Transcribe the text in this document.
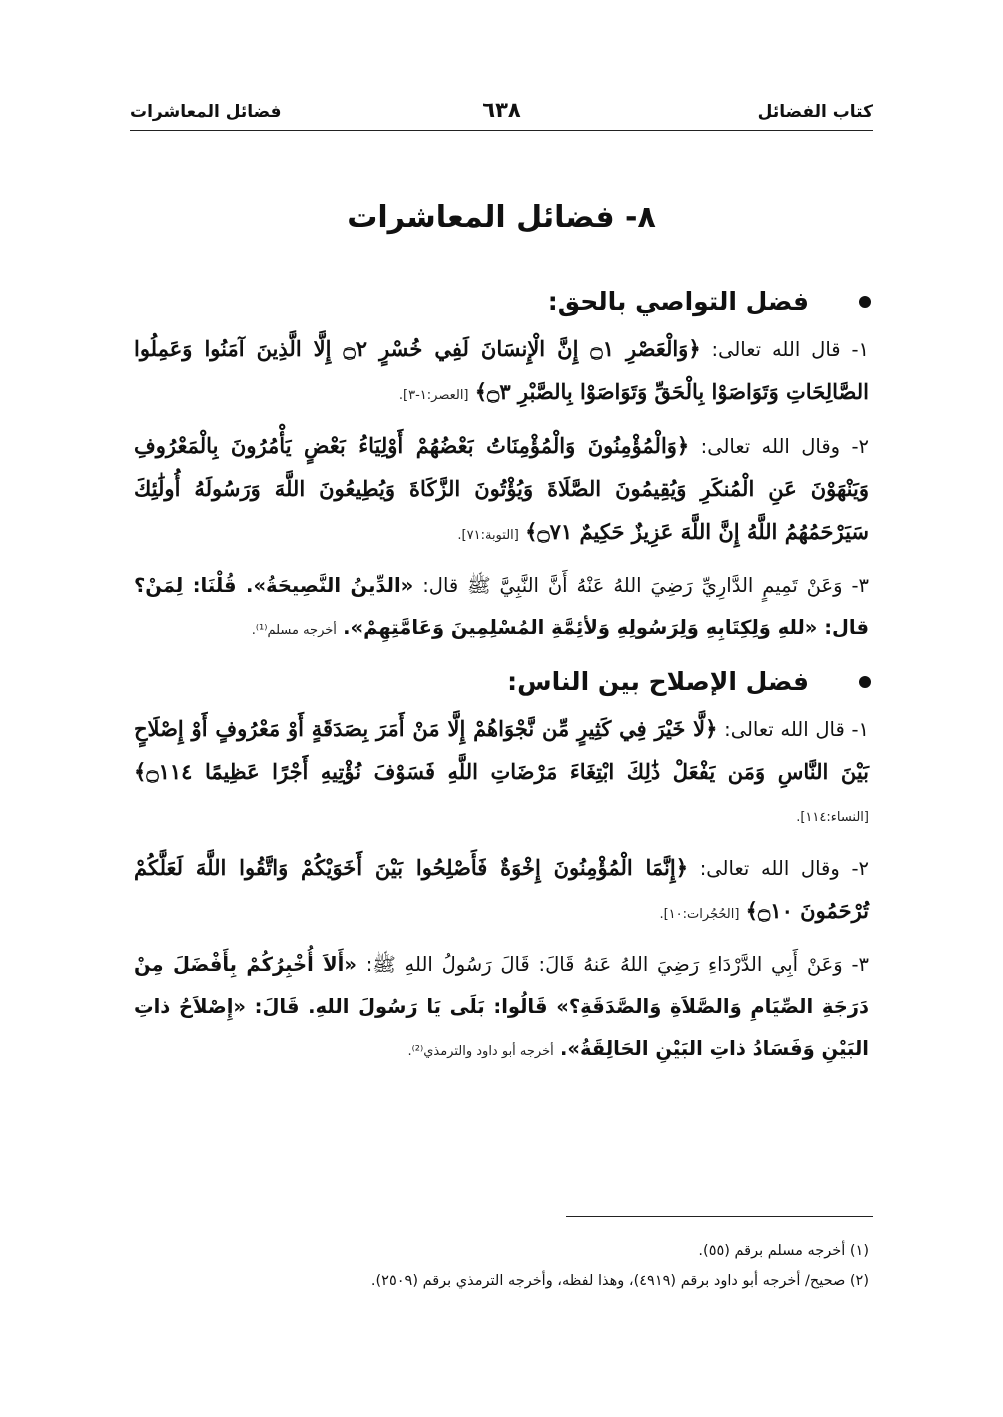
كتاب الفضائل
٦٣٨
فضائل المعاشرات
٨- فضائل المعاشرات
فضل التواصي بالحق:

١- قال الله تعالى: ﴿وَالْعَصْرِ ۝١ إِنَّ الْإِنسَانَ لَفِي خُسْرٍ ۝٢ إِلَّا الَّذِينَ آمَنُوا وَعَمِلُوا الصَّالِحَاتِ وَتَوَاصَوْا بِالْحَقِّ وَتَوَاصَوْا بِالصَّبْرِ ۝٣﴾ [العصر:١-٣].

٢- وقال الله تعالى: ﴿وَالْمُؤْمِنُونَ وَالْمُؤْمِنَاتُ بَعْضُهُمْ أَوْلِيَاءُ بَعْضٍ يَأْمُرُونَ بِالْمَعْرُوفِ وَيَنْهَوْنَ عَنِ الْمُنكَرِ وَيُقِيمُونَ الصَّلَاةَ وَيُؤْتُونَ الزَّكَاةَ وَيُطِيعُونَ اللَّهَ وَرَسُولَهُ أُولَٰئِكَ سَيَرْحَمُهُمُ اللَّهُ إِنَّ اللَّهَ عَزِيزٌ حَكِيمٌ ۝٧١﴾ [التوبة:٧١].

٣- وَعَنْ تَمِيمٍ الدَّارِيِّ رَضِيَ اللهُ عَنْهُ أَنَّ النَّبِيَّ ﷺ قال: «الدِّينُ النَّصِيحَةُ». قُلْنَا: لِمَنْ؟ قال: «للهِ وَلِكِتَابِهِ وَلِرَسُولِهِ وَلأئِمَّةِ المُسْلِمِينَ وَعَامَّتِهِمْ». أخرجه مسلم⁽¹⁾.

فضل الإصلاح بين الناس:

١- قال الله تعالى: ﴿لَّا خَيْرَ فِي كَثِيرٍ مِّن نَّجْوَاهُمْ إِلَّا مَنْ أَمَرَ بِصَدَقَةٍ أَوْ مَعْرُوفٍ أَوْ إِصْلَاحٍ بَيْنَ النَّاسِ وَمَن يَفْعَلْ ذَٰلِكَ ابْتِغَاءَ مَرْضَاتِ اللَّهِ فَسَوْفَ نُؤْتِيهِ أَجْرًا عَظِيمًا ۝١١٤﴾ [النساء:١١٤].

٢- وقال الله تعالى: ﴿إِنَّمَا الْمُؤْمِنُونَ إِخْوَةٌ فَأَصْلِحُوا بَيْنَ أَخَوَيْكُمْ وَاتَّقُوا اللَّهَ لَعَلَّكُمْ تُرْحَمُونَ ۝١٠﴾ [الحُجُرات:١٠].

٣- وَعَنْ أَبِي الدَّرْدَاءِ رَضِيَ اللهُ عَنهُ قَالَ: قَالَ رَسُولُ اللهِ ﷺ: «أَلاَ أُخْبِرُكُمْ بِأَفْضَلَ مِنْ دَرَجَةِ الصِّيَامِ وَالصَّلاَةِ وَالصَّدَقَةِ؟» قَالُوا: بَلَى يَا رَسُولَ اللهِ. قَالَ: «إِصْلاَحُ ذاتِ البَيْنِ وَفَسَادُ ذاتِ البَيْنِ الحَالِقَةُ». أخرجه أبو داود والترمذي⁽²⁾.

(١) أخرجه مسلم برقم (٥٥).

(٢) صحيح/ أخرجه أبو داود برقم (٤٩١٩)، وهذا لفظه، وأخرجه الترمذي برقم (٢٥٠٩).
